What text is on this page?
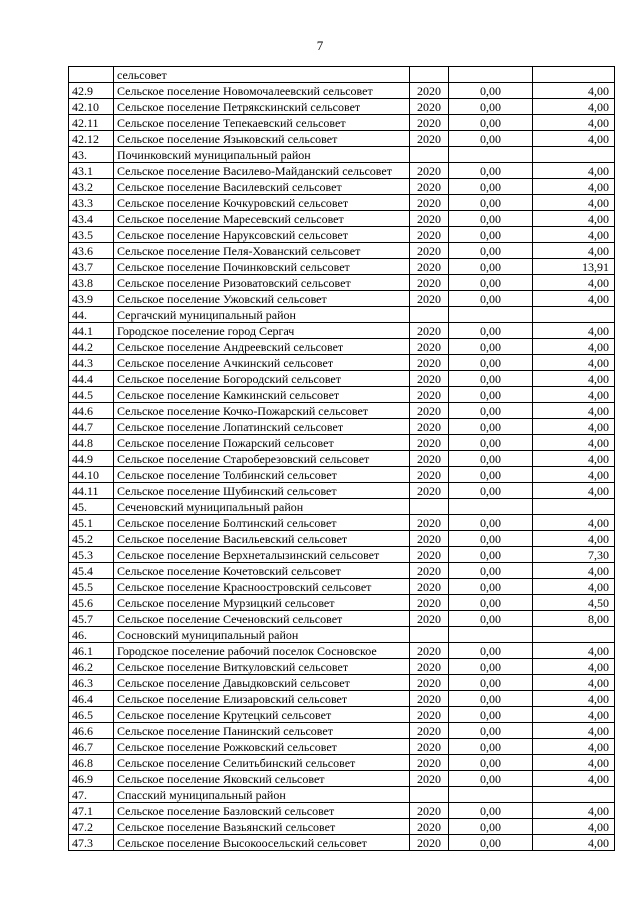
7
	сельсовет			
42.9	Сельское поселение Новомочалеевский сельсовет	2020	0,00	4,00
42.10	Сельское поселение Петрякскинский сельсовет	2020	0,00	4,00
42.11	Сельское поселение Тепекаевский сельсовет	2020	0,00	4,00
42.12	Сельское поселение Языковский сельсовет	2020	0,00	4,00
43.	Починковский муниципальный район			
43.1	Сельское поселение Василево-Майданский сельсовет	2020	0,00	4,00
43.2	Сельское поселение Василевский сельсовет	2020	0,00	4,00
43.3	Сельское поселение Кочкуровский сельсовет	2020	0,00	4,00
43.4	Сельское поселение Маресевский сельсовет	2020	0,00	4,00
43.5	Сельское поселение Наруксовский сельсовет	2020	0,00	4,00
43.6	Сельское поселение Пеля-Хованский сельсовет	2020	0,00	4,00
43.7	Сельское поселение Починковский сельсовет	2020	0,00	13,91
43.8	Сельское поселение Ризоватовский сельсовет	2020	0,00	4,00
43.9	Сельское поселение Ужовский сельсовет	2020	0,00	4,00
44.	Сергачский муниципальный район			
44.1	Городское поселение город Сергач	2020	0,00	4,00
44.2	Сельское поселение Андреевский сельсовет	2020	0,00	4,00
44.3	Сельское поселение Ачкинский сельсовет	2020	0,00	4,00
44.4	Сельское поселение Богородский сельсовет	2020	0,00	4,00
44.5	Сельское поселение Камкинский сельсовет	2020	0,00	4,00
44.6	Сельское поселение Кочко-Пожарский сельсовет	2020	0,00	4,00
44.7	Сельское поселение Лопатинский сельсовет	2020	0,00	4,00
44.8	Сельское поселение Пожарский сельсовет	2020	0,00	4,00
44.9	Сельское поселение Староберезовский сельсовет	2020	0,00	4,00
44.10	Сельское поселение Толбинский сельсовет	2020	0,00	4,00
44.11	Сельское поселение Шубинский сельсовет	2020	0,00	4,00
45.	Сеченовский муниципальный район			
45.1	Сельское поселение Болтинский сельсовет	2020	0,00	4,00
45.2	Сельское поселение Васильевский сельсовет	2020	0,00	4,00
45.3	Сельское поселение Верхнеталызинский сельсовет	2020	0,00	7,30
45.4	Сельское поселение Кочетовский сельсовет	2020	0,00	4,00
45.5	Сельское поселение Красноостровский сельсовет	2020	0,00	4,00
45.6	Сельское поселение Мурзицкий сельсовет	2020	0,00	4,50
45.7	Сельское поселение Сеченовский сельсовет	2020	0,00	8,00
46.	Сосновский муниципальный район			
46.1	Городское поселение рабочий поселок Сосновское	2020	0,00	4,00
46.2	Сельское поселение Виткуловский сельсовет	2020	0,00	4,00
46.3	Сельское поселение Давыдковский сельсовет	2020	0,00	4,00
46.4	Сельское поселение Елизаровский сельсовет	2020	0,00	4,00
46.5	Сельское поселение Крутецкий сельсовет	2020	0,00	4,00
46.6	Сельское поселение Панинский сельсовет	2020	0,00	4,00
46.7	Сельское поселение Рожковский сельсовет	2020	0,00	4,00
46.8	Сельское поселение Селитьбинский сельсовет	2020	0,00	4,00
46.9	Сельское поселение Яковский сельсовет	2020	0,00	4,00
47.	Спасский муниципальный район			
47.1	Сельское поселение Базловский сельсовет	2020	0,00	4,00
47.2	Сельское поселение Вазьянский сельсовет	2020	0,00	4,00
47.3	Сельское поселение Высокоосельский сельсовет	2020	0,00	4,00
